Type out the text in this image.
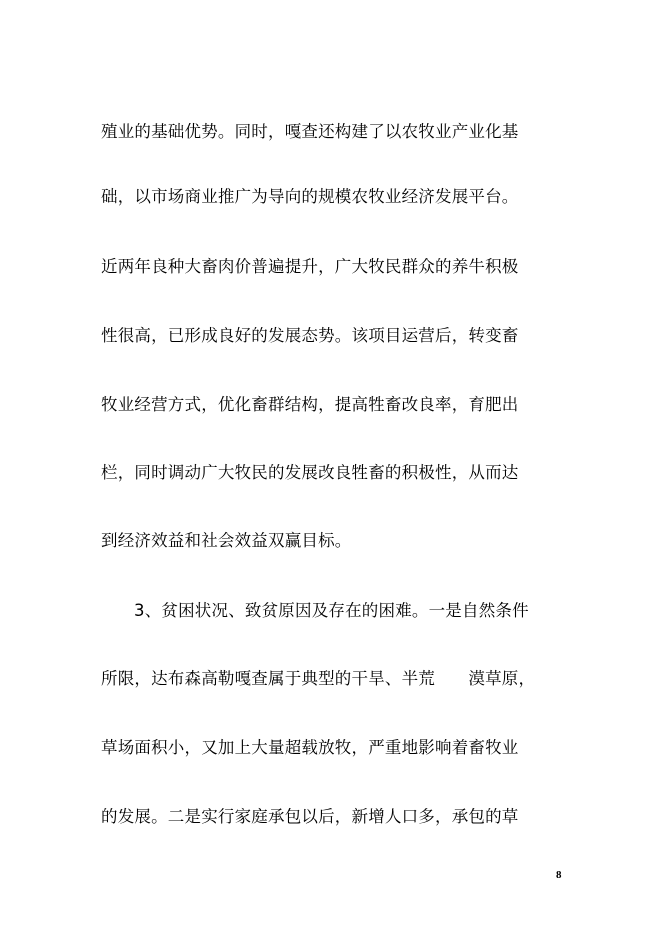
殖业的基础优势。同时，嘎查还构建了以农牧业产业化基
础，以市场商业推广为导向的规模农牧业经济发展平台。
近两年良种大畜肉价普遍提升，广大牧民群众的养牛积极
性很高，已形成良好的发展态势。该项目运营后，转变畜
牧业经营方式，优化畜群结构，提高牲畜改良率，育肥出
栏，同时调动广大牧民的发展改良牲畜的积极性，从而达
到经济效益和社会效益双赢目标。
3、贫困状况、致贫原因及存在的困难。一是自然条件
所限，达布森高勒嘎查属于典型的干旱、半荒　　漠草原，
草场面积小，又加上大量超载放牧，严重地影响着畜牧业
的发展。二是实行家庭承包以后，新增人口多，承包的草
8
